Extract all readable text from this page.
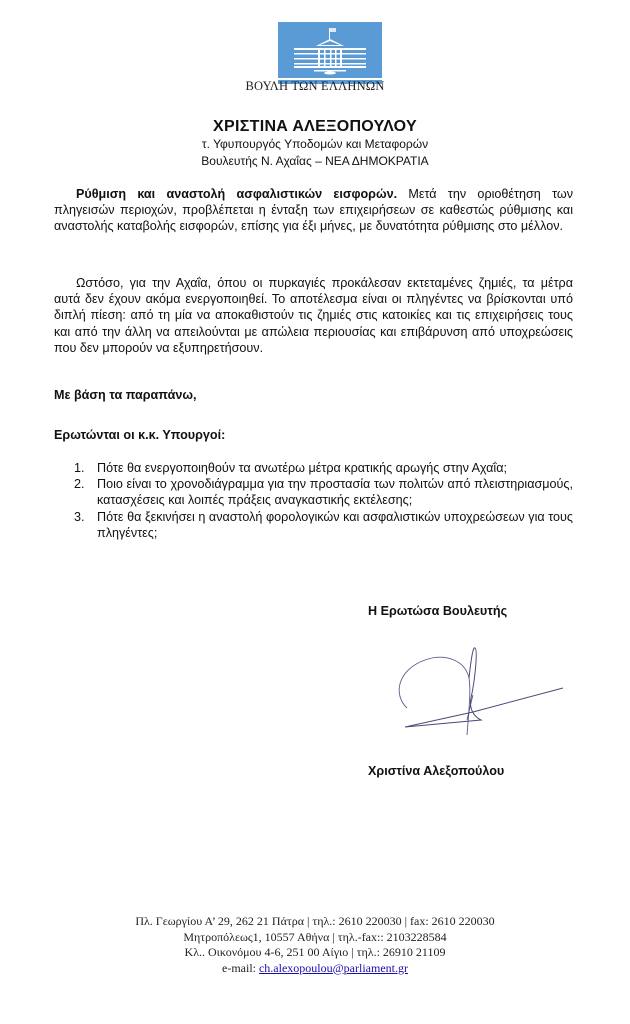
ΒΟΥΛΗ ΤΩΝ ΕΛΛΗΝΩΝ
ΧΡΙΣΤΙΝΑ ΑΛΕΞΟΠΟΥΛΟΥ
τ. Υφυπουργός Υποδομών και Μεταφορών
Βουλευτής Ν. Αχαΐας – ΝΕΑ ΔΗΜΟΚΡΑΤΙΑ
Ρύθμιση και αναστολή ασφαλιστικών εισφορών. Μετά την οριοθέτηση των πληγεισών περιοχών, προβλέπεται η ένταξη των επιχειρήσεων σε καθεστώς ρύθμισης και αναστολής καταβολής εισφορών, επίσης για έξι μήνες, με δυνατότητα ρύθμισης στο μέλλον.
Ωστόσο, για την Αχαΐα, όπου οι πυρκαγιές προκάλεσαν εκτεταμένες ζημιές, τα μέτρα αυτά δεν έχουν ακόμα ενεργοποιηθεί. Το αποτέλεσμα είναι οι πληγέντες να βρίσκονται υπό διπλή πίεση: από τη μία να αποκαθιστούν τις ζημιές στις κατοικίες και τις επιχειρήσεις τους και από την άλλη να απειλούνται με απώλεια περιουσίας και επιβάρυνση από υποχρεώσεις που δεν μπορούν να εξυπηρετήσουν.
Με βάση τα παραπάνω,
Ερωτώνται οι κ.κ. Υπουργοί:
1. Πότε θα ενεργοποιηθούν τα ανωτέρω μέτρα κρατικής αρωγής στην Αχαΐα;
2. Ποιο είναι το χρονοδιάγραμμα για την προστασία των πολιτών από πλειστηριασμούς, κατασχέσεις και λοιπές πράξεις αναγκαστικής εκτέλεσης;
3. Πότε θα ξεκινήσει η αναστολή φορολογικών και ασφαλιστικών υποχρεώσεων για τους πληγέντες;
Η Ερωτώσα Βουλευτής
Χριστίνα Αλεξοπούλου
Πλ. Γεωργίου Α’ 29, 262 21 Πάτρα | τηλ.: 2610 220030 | fax: 2610 220030
Μητροπόλεως1, 10557 Αθήνα | τηλ.-fax:: 2103228584
Κλ.. Οικονόμου 4-6, 251 00 Αίγιο | τηλ.: 26910 21109
e-mail: ch.alexopoulou@parliament.gr
